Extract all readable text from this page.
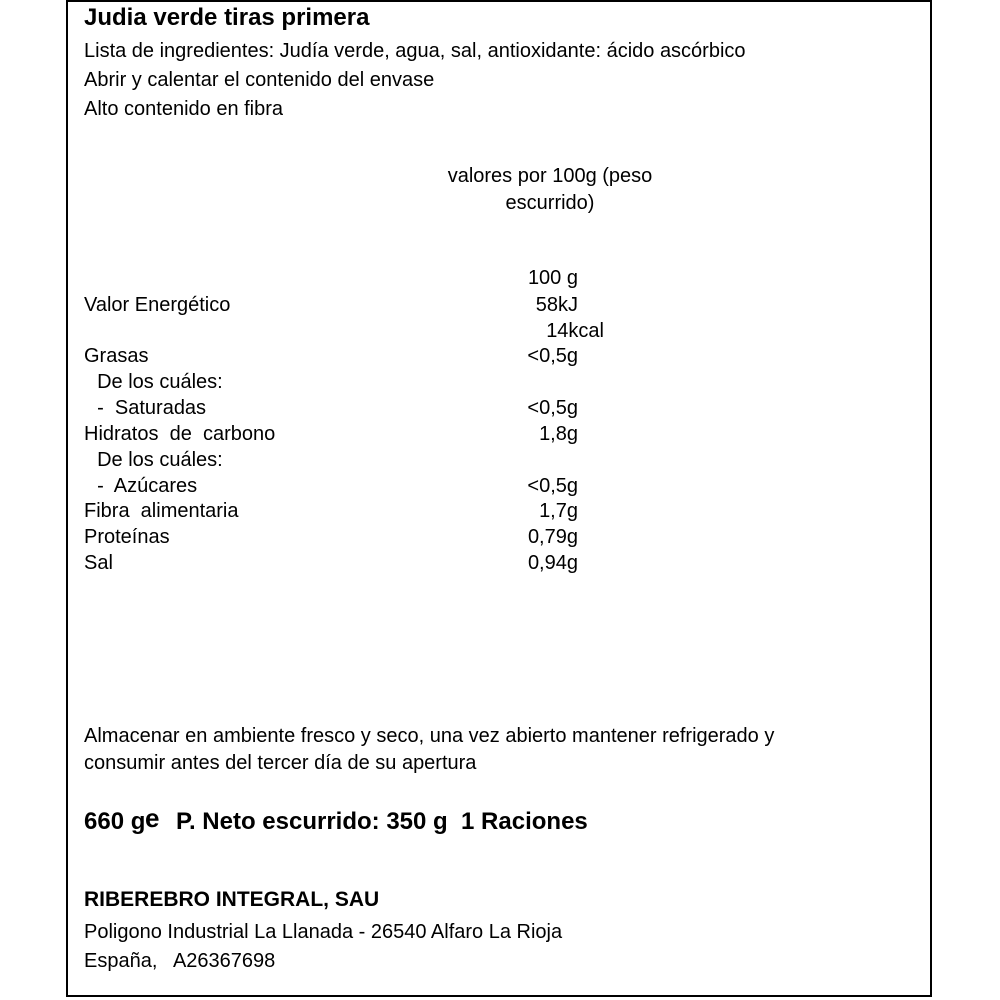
Judia verde tiras primera
Lista de ingredientes: Judía verde, agua, sal, antioxidante: ácido ascórbico
Abrir y calentar el contenido del envase
Alto contenido en fibra
valores por 100g (peso
escurrido)
100 g
Valor Energético	58kJ
14kcal
Grasas	<0,5g
De los cuáles:
-  Saturadas	<0,5g
Hidratos  de  carbono	1,8g
De los cuáles:
-  Azúcares	<0,5g
Fibra  alimentaria	1,7g
Proteínas	0,79g
Sal	0,94g
Almacenar en ambiente fresco y seco, una vez abierto mantener refrigerado y
consumir antes del tercer día de su apertura
660 g e P. Neto escurrido: 350 g  1 Raciones
RIBEREBRO INTEGRAL, SAU
Poligono Industrial La Llanada - 26540 Alfaro La Rioja
España,   A26367698
